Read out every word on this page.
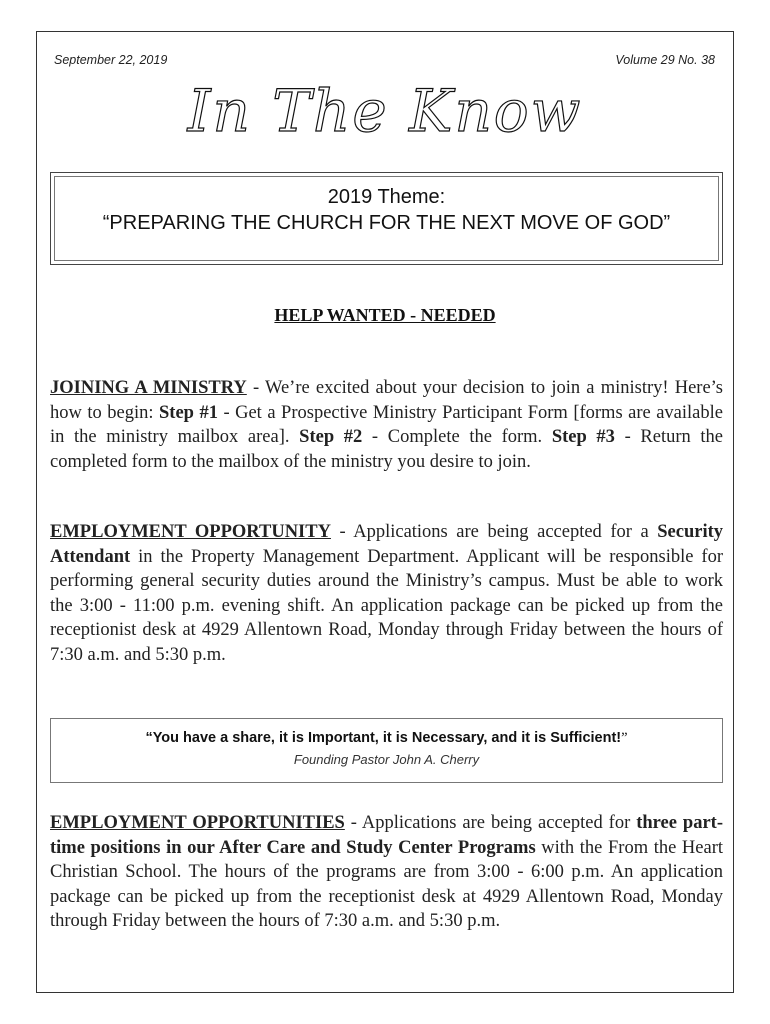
September 22, 2019	Volume 29 No. 38
In The Know
2019 Theme:
“PREPARING THE CHURCH FOR THE NEXT MOVE OF GOD”
HELP WANTED - NEEDED

JOINING A MINISTRY - We’re excited about your decision to join a ministry! Here’s how to begin: Step #1 - Get a Prospective Ministry Participant Form [forms are available in the ministry mailbox area]. Step #2 - Complete the form. Step #3 - Return the completed form to the mailbox of the ministry you desire to join.

EMPLOYMENT OPPORTUNITY - Applications are being accepted for a Security Attendant in the Property Management Department. Applicant will be responsible for performing general security duties around the Ministry’s campus. Must be able to work the 3:00 - 11:00 p.m. evening shift. An application package can be picked up from the receptionist desk at 4929 Allentown Road, Monday through Friday between the hours of 7:30 a.m. and 5:30 p.m.

“You have a share, it is Important, it is Necessary, and it is Sufficient!”
Founding Pastor John A. Cherry

EMPLOYMENT OPPORTUNITIES - Applications are being accepted for three part-time positions in our After Care and Study Center Programs with the From the Heart Christian School. The hours of the programs are from 3:00 - 6:00 p.m. An application package can be picked up from the receptionist desk at 4929 Allentown Road, Monday through Friday between the hours of 7:30 a.m. and 5:30 p.m.
